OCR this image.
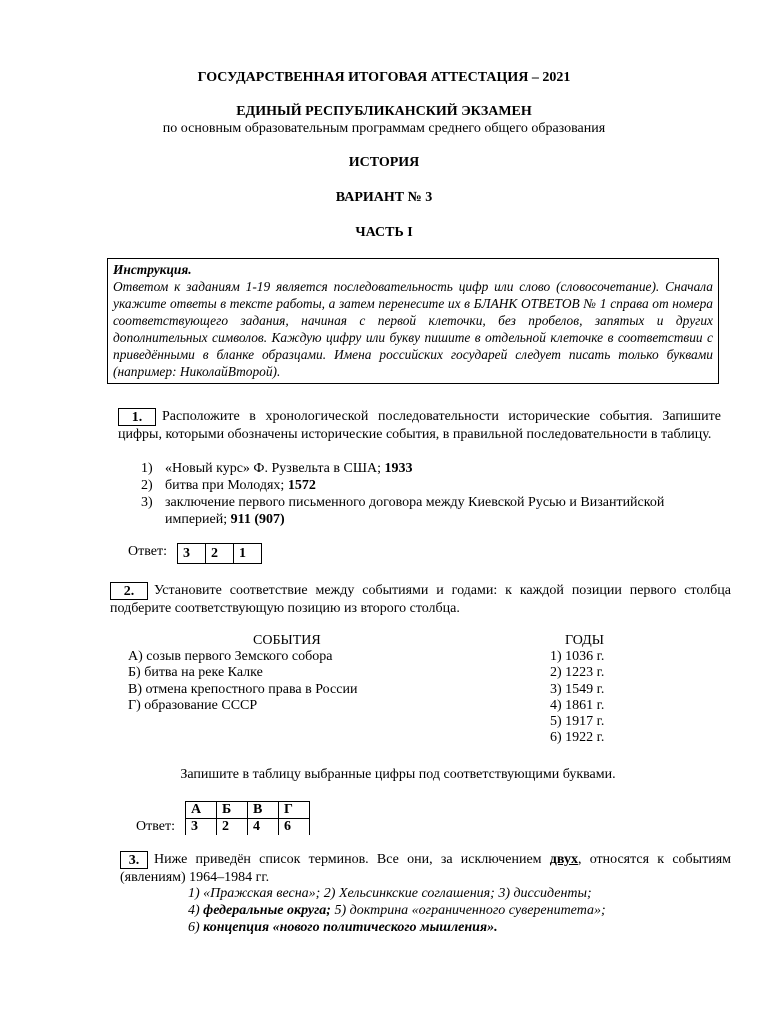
ГОСУДАРСТВЕННАЯ ИТОГОВАЯ АТТЕСТАЦИЯ – 2021
ЕДИНЫЙ РЕСПУБЛИКАНСКИЙ ЭКЗАМЕН
по основным образовательным программам среднего общего образования
ИСТОРИЯ
ВАРИАНТ № 3
ЧАСТЬ I
Инструкция.
Ответом к заданиям 1-19 является последовательность цифр или слово (словосочетание). Сначала укажите ответы в тексте работы, а затем перенесите их в БЛАНК ОТВЕТОВ № 1 справа от номера соответствующего задания, начиная с первой клеточки, без пробелов, запятых и других дополнительных символов. Каждую цифру или букву пишите в отдельной клеточке в соответствии с приведёнными в бланке образцами. Имена российских государей следует писать только буквами (например: НиколайВторой).
1. Расположите в хронологической последовательности исторические события. Запишите цифры, которыми обозначены исторические события, в правильной последовательности в таблицу.
1) «Новый курс» Ф. Рузвельта в США; 1933
2) битва при Молодях; 1572
3) заключение первого письменного договора между Киевской Русью и Византийской империей; 911 (907)
Ответ: 3	2	1
2. Установите соответствие между событиями и годами: к каждой позиции первого столбца подберите соответствующую позицию из второго столбца.
СОБЫТИЯ
А) созыв первого Земского собора
Б) битва на реке Калке
В) отмена крепостного права в России
Г) образование СССР
ГОДЫ
1) 1036 г.
2) 1223 г.
3) 1549 г.
4) 1861 г.
5) 1917 г.
6) 1922 г.
Запишите в таблицу выбранные цифры под соответствующими буквами.
Ответ:
А	Б	В	Г
3	2	4	6
3. Ниже приведён список терминов. Все они, за исключением двух, относятся к событиям (явлениям) 1964–1984 гг.
1) «Пражская весна»; 2) Хельсинкские соглашения; 3) диссиденты;
4) федеральные округа; 5) доктрина «ограниченного суверенитета»;
6) концепция «нового политического мышления».
